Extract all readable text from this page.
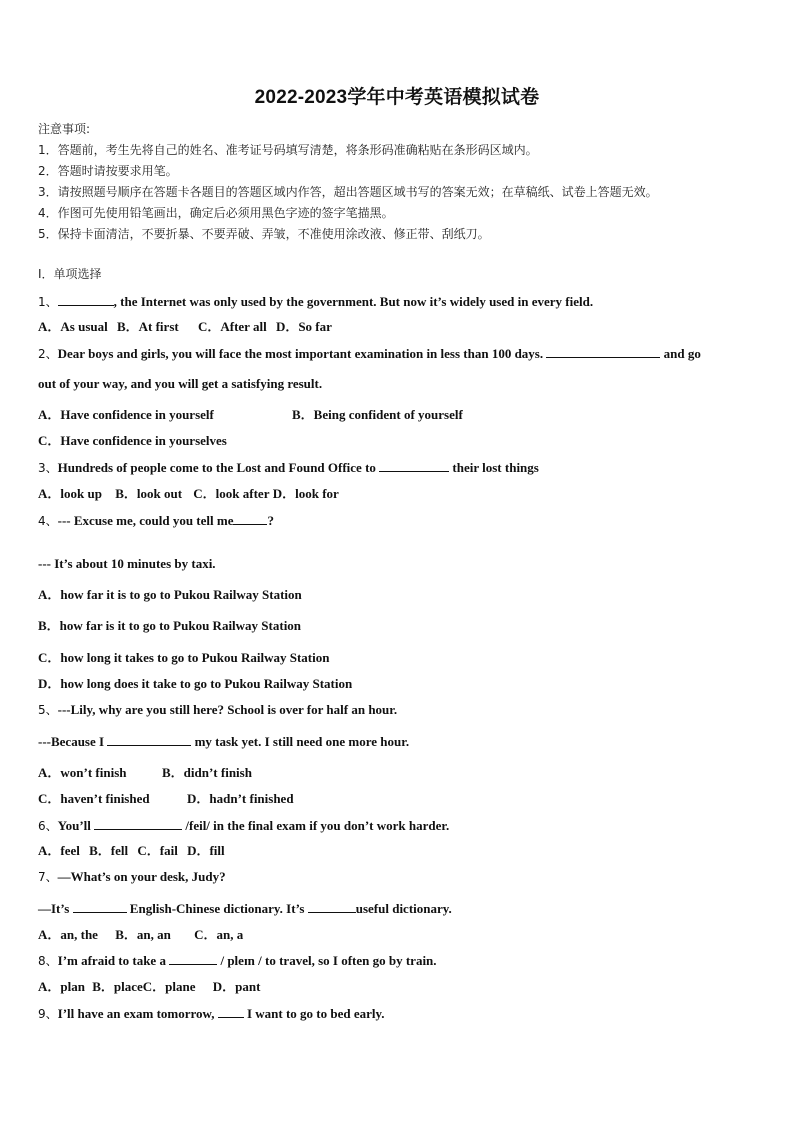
2022-2023学年中考英语模拟试卷
注意事项:
1．答题前，考生先将自己的姓名、准考证号码填写清楚，将条形码准确粘贴在条形码区域内。
2．答题时请按要求用笔。
3．请按照题号顺序在答题卡各题目的答题区域内作答，超出答题区域书写的答案无效；在草稿纸、试卷上答题无效。
4．作图可先使用铅笔画出，确定后必须用黑色字迹的签字笔描黑。
5．保持卡面清洁，不要折暴、不要弄破、弄皱，不准使用涂改液、修正带、刮纸刀。
Ⅰ．单项选择
1、	, the Internet was only used by the government. But now it’s widely used in every field.
A．As usual B．At first C．After all D．So far
2、Dear boys and girls, you will face the most important examination in less than 100 days.	and go
out of your way, and you will get a satisfying result.
A．Have confidence in yourself	B．Being confident of yourself
C．Have confidence in yourselves
3、Hundreds of people come to the Lost and Found Office to	their lost things
A．look up B．look out C．look after D．look for
4、--- Excuse me, could you tell me	?
--- It’s about 10 minutes by taxi.
A．how far it is to go to Pukou Railway Station
B．how far is it to go to Pukou Railway Station
C．how long it takes to go to Pukou Railway Station
D．how long does it take to go to Pukou Railway Station
5、---Lily, why are you still here? School is over for half an hour.
---Because I	my task yet. I still need one more hour.
A．won’t finish	B．didn’t finish
C．haven’t finished	D．hadn’t finished
6、You’ll	/feil/ in the final exam if you don’t work harder.
A．feel B．fell C．fail D．fill
7、—What’s on your desk, Judy?
—It’s	English-Chinese dictionary. It’s	useful dictionary.
A．an, the B．an, an C．an, a
8、I’m afraid to take a	/ pleɪn / to travel, so I often go by train.
A．plan B．placeC．plane D．pant
9、I’ll have an exam tomorrow,	I want to go to bed early.
